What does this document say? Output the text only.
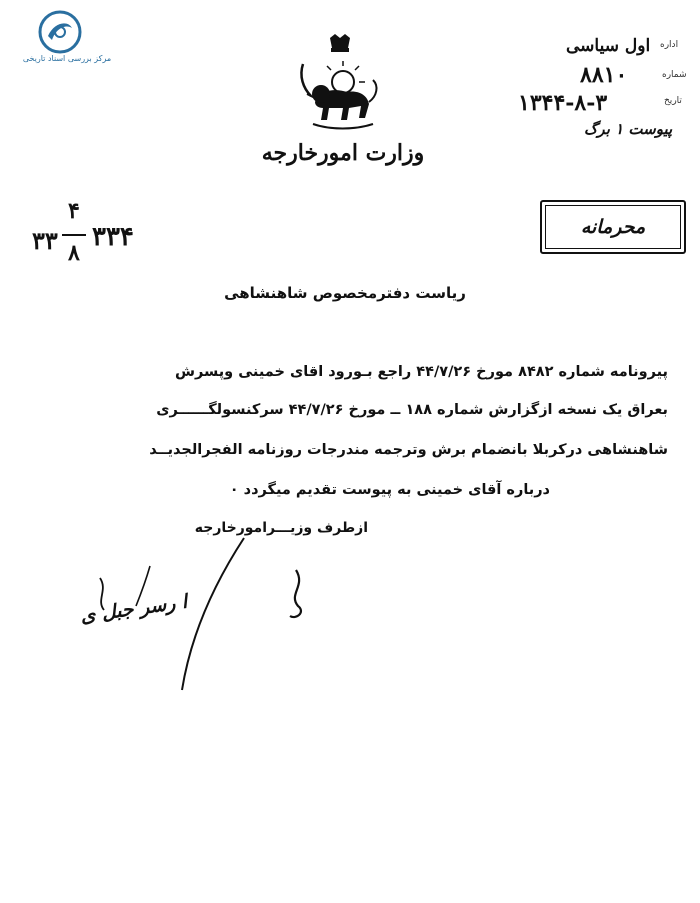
مرکز بررسی اسناد تاریخی
وزارت امورخارجه
اداره
اول سیاسی
شماره
۸۸۱۰
تاریخ
۱۳۴۴-۸-۳
پیوست ۱ برگ
محرمانه
۳۳۴
۴
۸
۳۳
ریاست دفترمخصوص شاهنشاهی
پیرونامه شماره ۸۴۸۲ مورخ ۴۴/۷/۲۶ راجع بـورود اقای خمینی وپسرش
بعراق یک نسخه ازگزارش شماره ۱۸۸ ــ مورخ ۴۴/۷/۲۶ سرکنسولگــــــری
شاهنشاهی درکربلا بانضمام برش وترجمه مندرجات روزنامه الفجرالجدیــد
درباره آقای خمینی به پیوست تقدیم میگردد ۰
ازطرف وزیـــرامورخارجه
ا رسر جبل ی
